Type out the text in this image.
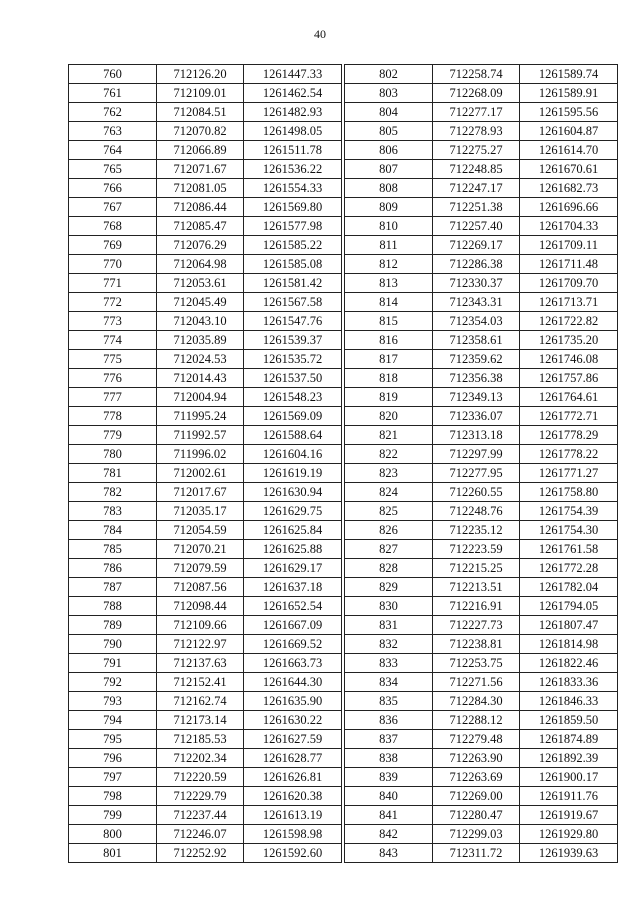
40
760	712126.20	1261447.33
761	712109.01	1261462.54
762	712084.51	1261482.93
763	712070.82	1261498.05
764	712066.89	1261511.78
765	712071.67	1261536.22
766	712081.05	1261554.33
767	712086.44	1261569.80
768	712085.47	1261577.98
769	712076.29	1261585.22
770	712064.98	1261585.08
771	712053.61	1261581.42
772	712045.49	1261567.58
773	712043.10	1261547.76
774	712035.89	1261539.37
775	712024.53	1261535.72
776	712014.43	1261537.50
777	712004.94	1261548.23
778	711995.24	1261569.09
779	711992.57	1261588.64
780	711996.02	1261604.16
781	712002.61	1261619.19
782	712017.67	1261630.94
783	712035.17	1261629.75
784	712054.59	1261625.84
785	712070.21	1261625.88
786	712079.59	1261629.17
787	712087.56	1261637.18
788	712098.44	1261652.54
789	712109.66	1261667.09
790	712122.97	1261669.52
791	712137.63	1261663.73
792	712152.41	1261644.30
793	712162.74	1261635.90
794	712173.14	1261630.22
795	712185.53	1261627.59
796	712202.34	1261628.77
797	712220.59	1261626.81
798	712229.79	1261620.38
799	712237.44	1261613.19
800	712246.07	1261598.98
801	712252.92	1261592.60
802	712258.74	1261589.74
803	712268.09	1261589.91
804	712277.17	1261595.56
805	712278.93	1261604.87
806	712275.27	1261614.70
807	712248.85	1261670.61
808	712247.17	1261682.73
809	712251.38	1261696.66
810	712257.40	1261704.33
811	712269.17	1261709.11
812	712286.38	1261711.48
813	712330.37	1261709.70
814	712343.31	1261713.71
815	712354.03	1261722.82
816	712358.61	1261735.20
817	712359.62	1261746.08
818	712356.38	1261757.86
819	712349.13	1261764.61
820	712336.07	1261772.71
821	712313.18	1261778.29
822	712297.99	1261778.22
823	712277.95	1261771.27
824	712260.55	1261758.80
825	712248.76	1261754.39
826	712235.12	1261754.30
827	712223.59	1261761.58
828	712215.25	1261772.28
829	712213.51	1261782.04
830	712216.91	1261794.05
831	712227.73	1261807.47
832	712238.81	1261814.98
833	712253.75	1261822.46
834	712271.56	1261833.36
835	712284.30	1261846.33
836	712288.12	1261859.50
837	712279.48	1261874.89
838	712263.90	1261892.39
839	712263.69	1261900.17
840	712269.00	1261911.76
841	712280.47	1261919.67
842	712299.03	1261929.80
843	712311.72	1261939.63
